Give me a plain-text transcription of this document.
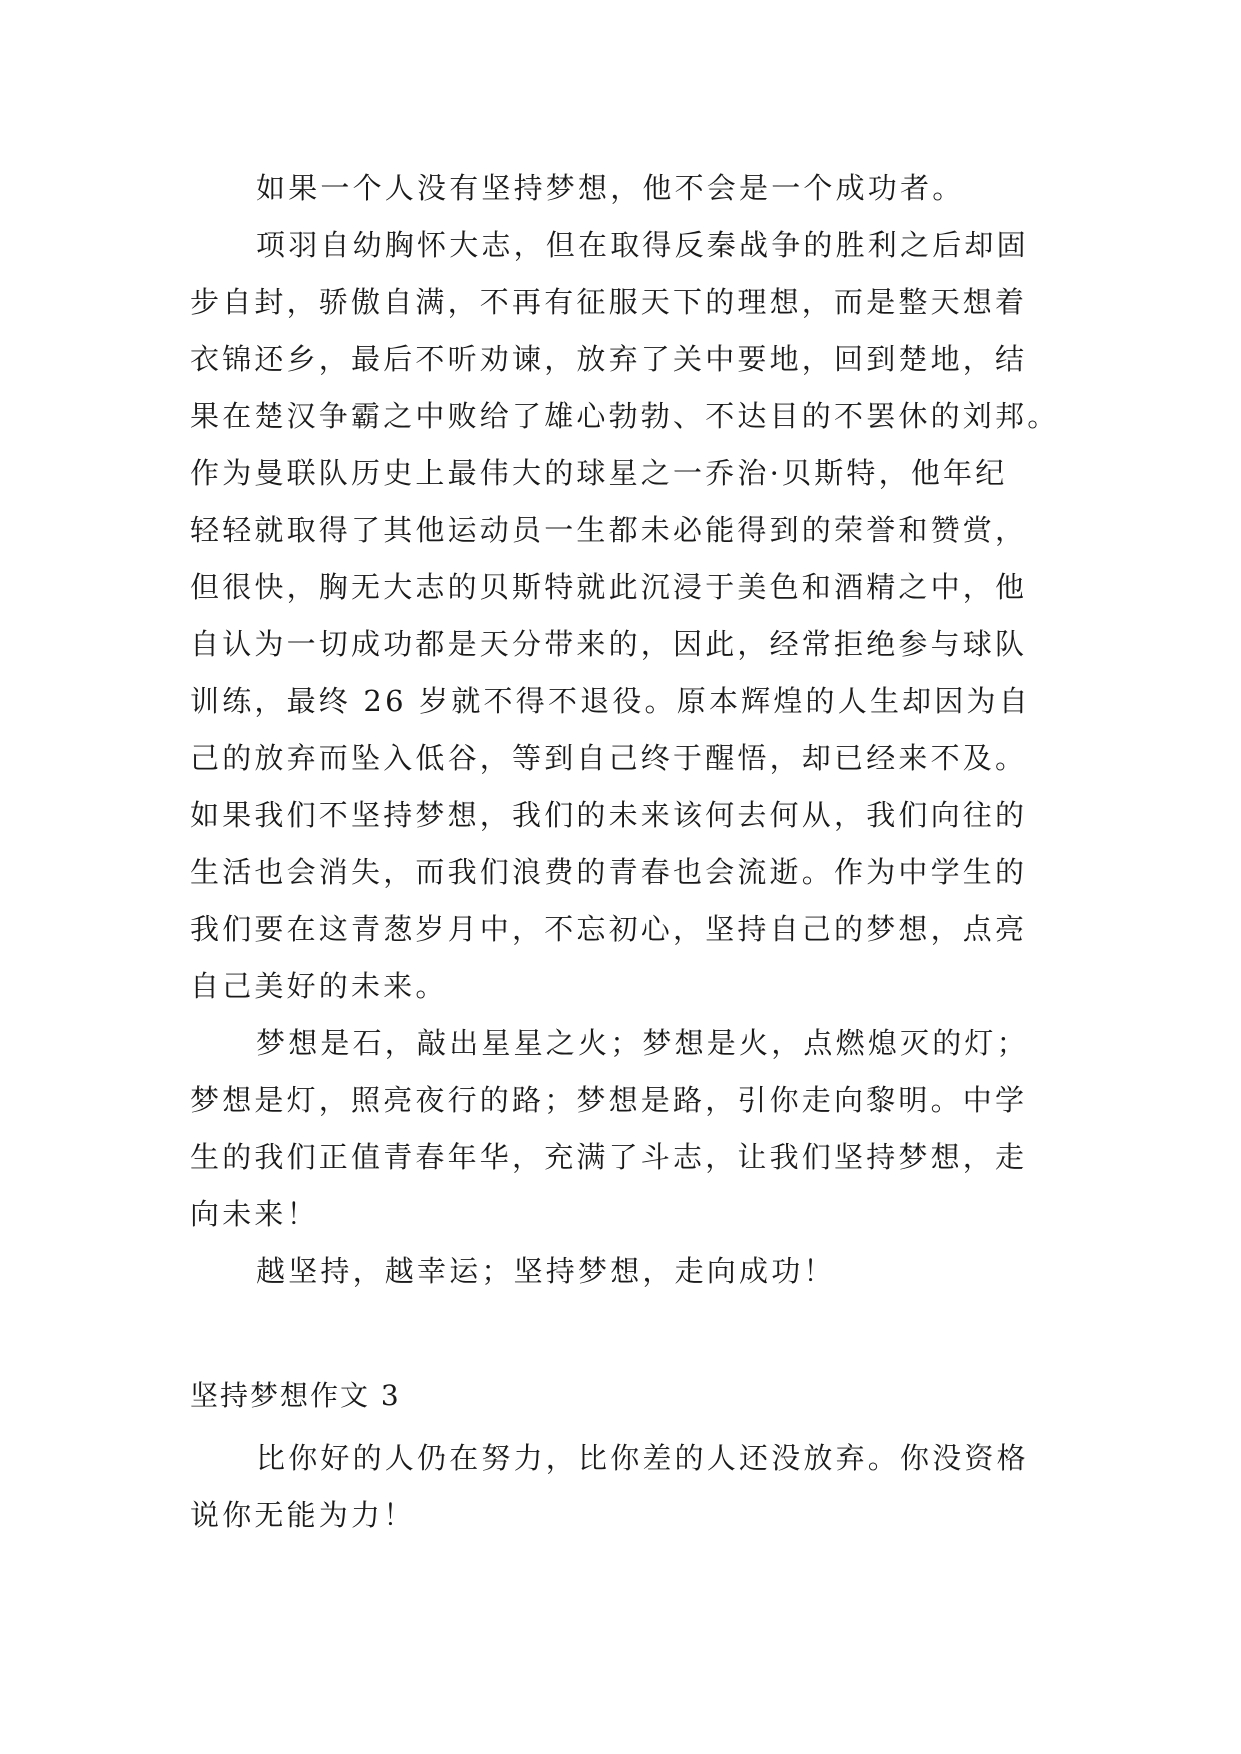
如果一个人没有坚持梦想，他不会是一个成功者。
项羽自幼胸怀大志，但在取得反秦战争的胜利之后却固
步自封，骄傲自满，不再有征服天下的理想，而是整天想着
衣锦还乡，最后不听劝谏，放弃了关中要地，回到楚地，结
果在楚汉争霸之中败给了雄心勃勃、不达目的不罢休的刘邦。
作为曼联队历史上最伟大的球星之一乔治·贝斯特，他年纪
轻轻就取得了其他运动员一生都未必能得到的荣誉和赞赏，
但很快，胸无大志的贝斯特就此沉浸于美色和酒精之中，他
自认为一切成功都是天分带来的，因此，经常拒绝参与球队
训练，最终 26 岁就不得不退役。原本辉煌的人生却因为自
己的放弃而坠入低谷，等到自己终于醒悟，却已经来不及。
如果我们不坚持梦想，我们的未来该何去何从，我们向往的
生活也会消失，而我们浪费的青春也会流逝。作为中学生的
我们要在这青葱岁月中，不忘初心，坚持自己的梦想，点亮
自己美好的未来。
梦想是石，敲出星星之火；梦想是火，点燃熄灭的灯；
梦想是灯，照亮夜行的路；梦想是路，引你走向黎明。中学
生的我们正值青春年华，充满了斗志，让我们坚持梦想，走
向未来！
越坚持，越幸运；坚持梦想，走向成功！
坚持梦想作文 3
比你好的人仍在努力，比你差的人还没放弃。你没资格
说你无能为力！
